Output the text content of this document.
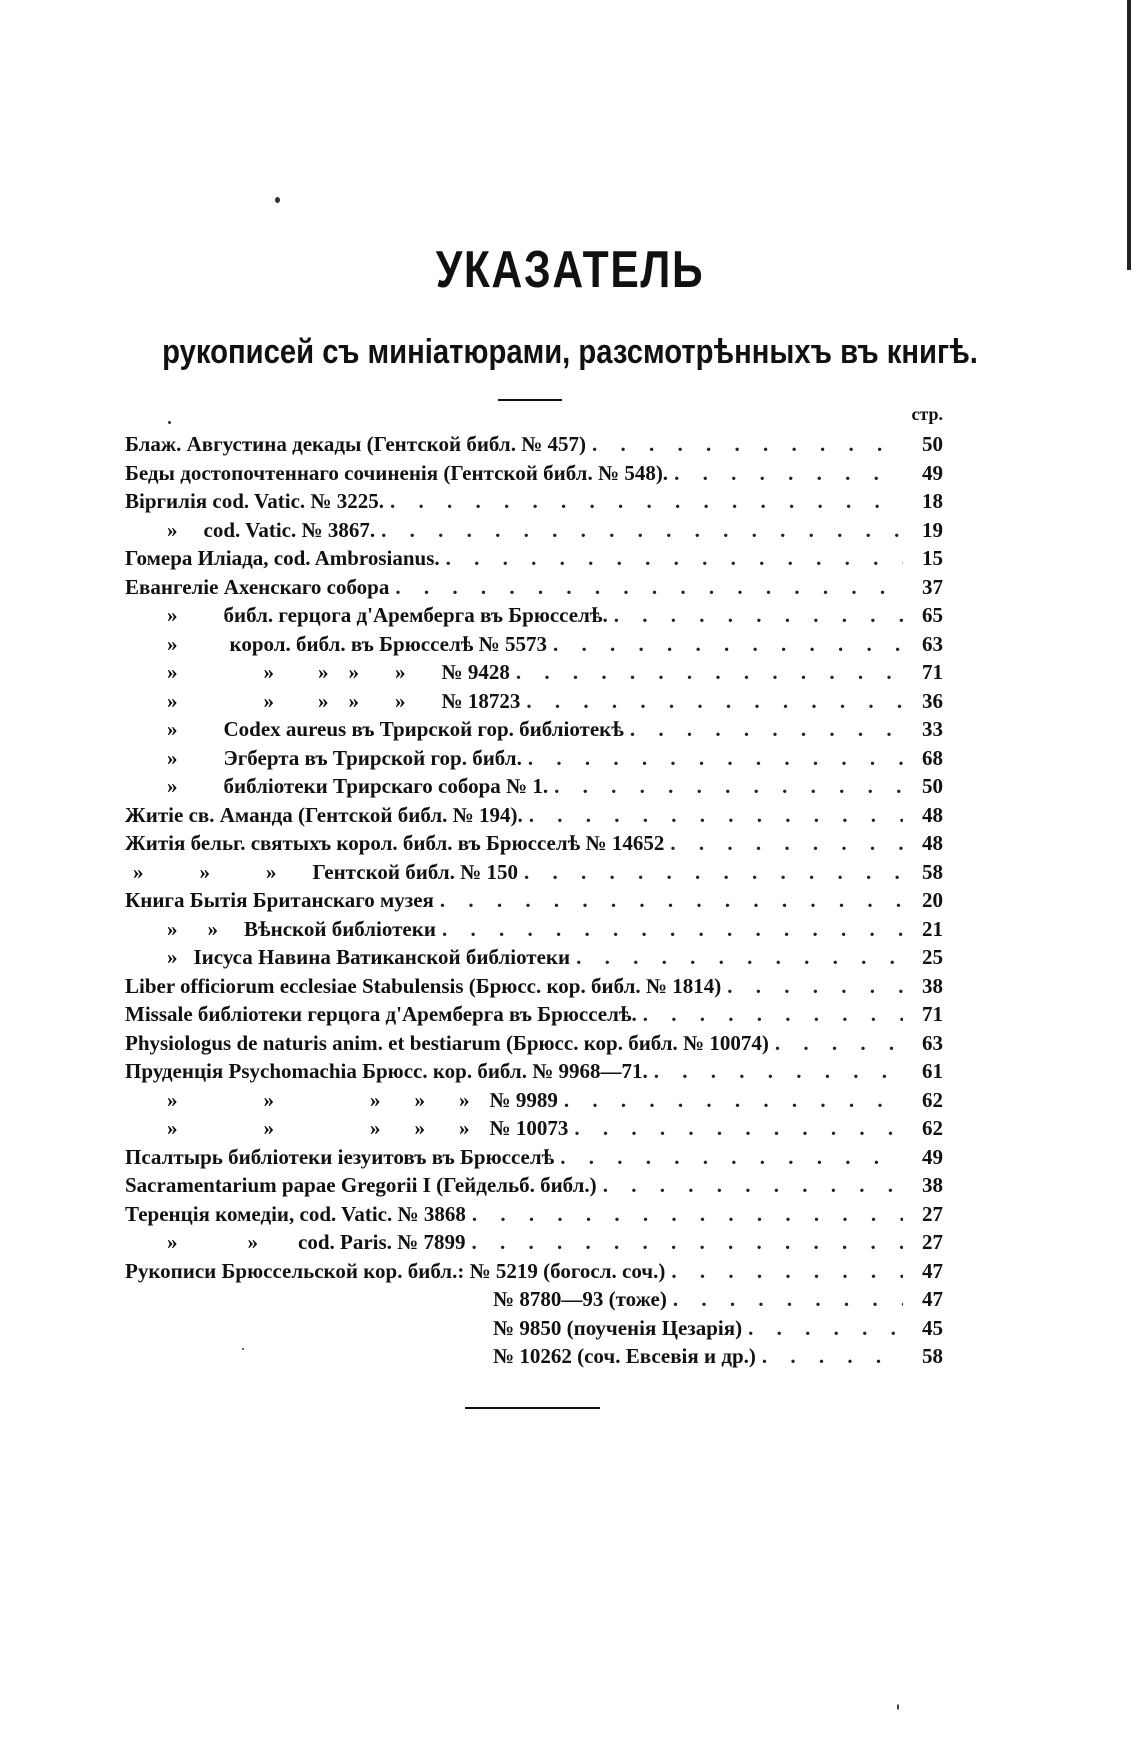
УКАЗАТЕЛЬ
рукописей съ миніатюрами, разсмотрѣнныхъ въ книгѣ.
стр.
Блаж. Августина декады (Гентской библ. № 457) . . .	50
Беды достопочтеннаго сочиненія (Гентской библ. № 548). . . .	49
Віргилія cod. Vatic. № 3225. . . .	18
» cod. Vatic. № 3867. . . .	19
Гомера Иліада, cod. Ambrosianus. . . .	15
Евангеліе Ахенскаго собора . . .	37
» библ. герцога д'Аремберга въ Брюсселѣ. . . .	65
» корол. библ. въ Брюсселѣ № 5573 . . .	63
»	» » » » № 9428 . . .	71
»	» » » » № 18723 . . .	36
» Codex aureus въ Трирской гор. библіотекѣ . . .	33
» Эгберта въ Трирской гор. библ. . . .	68
» библіотеки Трирскаго собора № 1. . . .	50
Житіе св. Аманда (Гентской библ. № 194). . . .	48
Житія бельг. святыхъ корол. библ. въ Брюсселѣ № 14652 . . .	48
»	»	» Гентской библ. № 150 . . .	58
Книга Бытія Британскаго музея . . .	20
» » Вѣнской библіотеки . . .	21
» Іисуса Навина Ватиканской библіотеки . . .	25
Liber officiorum ecclesiae Stabulensis (Брюсс. кор. библ. № 1814) . . .	38
Missale библіотеки герцога д'Аремберга въ Брюсселѣ. . . .	71
Physiologus de naturis anim. et bestiarum (Брюсс. кор. библ. № 10074) . . .	63
Пруденція Psychomachia Брюсс. кор. библ. № 9968—71. . . .	61
»	»	» » » № 9989 . . .	62
»	»	» » » № 10073 . . .	62
Псалтырь библіотеки іезуитовъ въ Брюсселѣ . . .	49
Sacramentarium papae Gregorii I (Гейдельб. библ.) . . .	38
Теренція комедіи, cod. Vatic. № 3868 . . .	27
»	» cod. Paris. № 7899 . . .	27
Рукописи Брюссельской кор. библ.: № 5219 (богосл. соч.) . . .	47
№ 8780—93 (тоже) . . .	47
№ 9850 (поученія Цезарія) . . .	45
№ 10262 (соч. Евсевія и др.) . . .	58
